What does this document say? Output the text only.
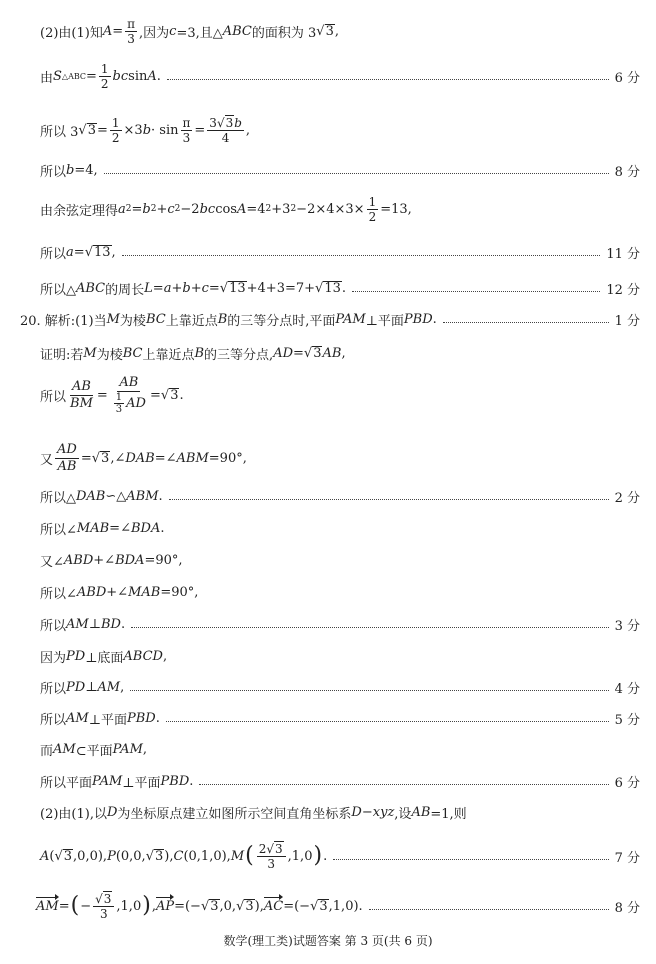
(2)由(1)知 $A = \frac{\pi}{3}$ ,因为 c =3,且△ ABC 的面积为 3 √ 3 ,
由 S △ABC = $\frac{1}{2}$ bc sin A .	6 分
所以 3 √ $3 = \frac{1}{2} \times 3$ $b \cdot \sin \frac{\pi}{3} = \frac{3√ 3 b}{4}$ ,
所以 b =4,	8 分
由余弦定理得 a 2 = b 2 + c 2 −2 bc cos A =4 2 +3 $2 -2\times 4\times 3\times \frac{1}{2} =13$,
所以 a = √ 13 ,	11 分
所以△ ABC 的周长 L = a + b + c = √ 13 +4+3=7+ √ 13 .	12 分
20. 解析:(1)当 M 为棱 BC 上靠近点 B 的三等分点时,平面 PAM ⊥平面 PBD .	1 分
证明:若 M 为棱 BC 上靠近点 B 的三等分点, AD = √ 3 AB ,
所以 $\frac{AB}{BM} = \frac{AB}{\frac{1}{3} AD}$ = √ 3 .
又 $\frac{AD}{AB}$ = √ 3 ,∠ DAB =∠ ABM =90°,
所以△ DAB ∽△ ABM .	2 分
所以∠ MAB =∠ BDA .
又∠ ABD +∠ BDA =90°,
所以∠ ABD +∠ MAB =90°,
所以 AM ⊥ BD .	3 分
因为 PD ⊥底面 ABCD ,
所以 PD ⊥ AM ,	4 分
所以 AM ⊥平面 PBD .	5 分
而 AM ⊂平面 PAM ,
所以平面 PAM ⊥平面 PBD .	6 分
(2)由(1),以 D 为坐标原点建立如图所示空间直角坐标系 D − xyz ,设 AB =1,则
A ( √ 3 ,0,0), P (0,0, √ 3 ), C (0,1,0), M ( $\frac{2√ 3}{3} ,1,0$ ) .	7 分
AM = ( − $\frac{√ 3}{3} ,1,0$ ) , AP =(− √ 3 ,0, √ 3 ), AC =(− √ 3 ,1,0).	8 分
数学(理工类)试题答案 第 3 页(共 6 页)
